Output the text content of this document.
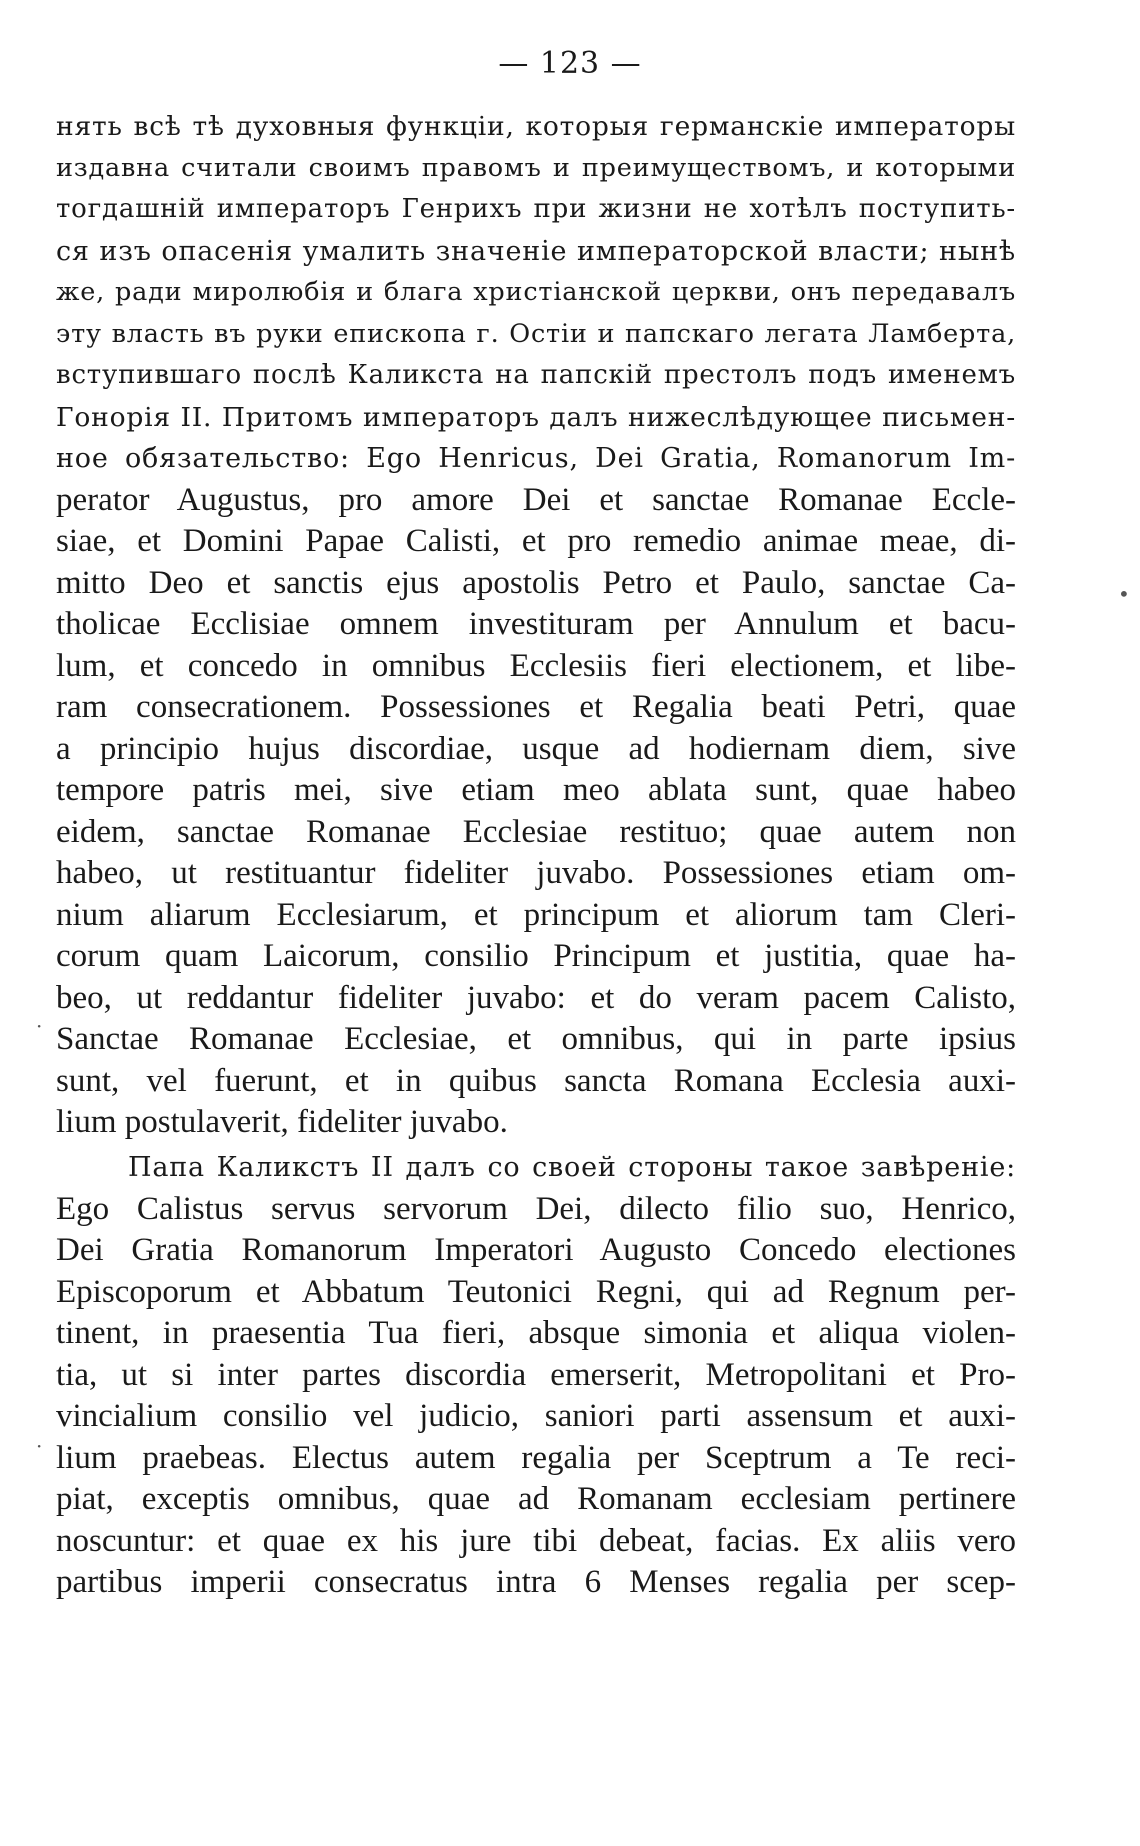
— 123 —
нять всѣ тѣ духовныя функціи, которыя германскіе императоры
издавна считали своимъ правомъ и преимуществомъ, и которыми
тогдашній императоръ Генрихъ при жизни не хотѣлъ поступить-
ся изъ опасенія умалить значеніе императорской власти; нынѣ
же, ради миролюбія и блага христіанской церкви, онъ передавалъ
эту власть въ руки епископа г. Остіи и папскаго легата Ламберта,
вступившаго послѣ Каликста на папскій престолъ подъ именемъ
Гонорія II. Притомъ императоръ далъ нижеслѣдующее письмен-
ное обязательство: Ego Henricus, Dei Gratia, Romanorum Im-
perator Augustus, pro amore Dei et sanctae Romanae Eccle-
siae, et Domini Papae Calisti, et pro remedio animae meae, di-
mitto Deo et sanctis ejus apostolis Petro et Paulo, sanctae Ca-
tholicae Ecclisiae omnem investituram per Annulum et bacu-
lum, et concedo in omnibus Ecclesiis fieri electionem, et libe-
ram consecrationem. Possessiones et Regalia beati Petri, quae
a principio hujus discordiae, usque ad hodiernam diem, sive
tempore patris mei, sive etiam meo ablata sunt, quae habeo
eidem, sanctae Romanae Ecclesiae restituo; quae autem non
habeo, ut restituantur fideliter juvabo. Possessiones etiam om-
nium aliarum Ecclesiarum, et principum et aliorum tam Cleri-
corum quam Laicorum, consilio Principum et justitia, quae ha-
beo, ut reddantur fideliter juvabo: et do veram pacem Calisto,
Sanctae Romanae Ecclesiae, et omnibus, qui in parte ipsius
sunt, vel fuerunt, et in quibus sancta Romana Ecclesia auxi-
lium postulaverit, fideliter juvabo.
Папа Каликстъ II далъ со своей стороны такое завѣреніе:
Ego Calistus servus servorum Dei, dilecto filio suo, Henrico,
Dei Gratia Romanorum Imperatori Augusto Concedo electiones
Episcoporum et Abbatum Teutonici Regni, qui ad Regnum per-
tinent, in praesentia Tua fieri, absque simonia et aliqua violen-
tia, ut si inter partes discordia emerserit, Metropolitani et Pro-
vincialium consilio vel judicio, saniori parti assensum et auxi-
lium praebeas. Electus autem regalia per Sceptrum a Te reci-
piat, exceptis omnibus, quae ad Romanam ecclesiam pertinere
noscuntur: et quae ex his jure tibi debeat, facias. Ex aliis vero
partibus imperii consecratus intra 6 Menses regalia per scep-
•
·
·
